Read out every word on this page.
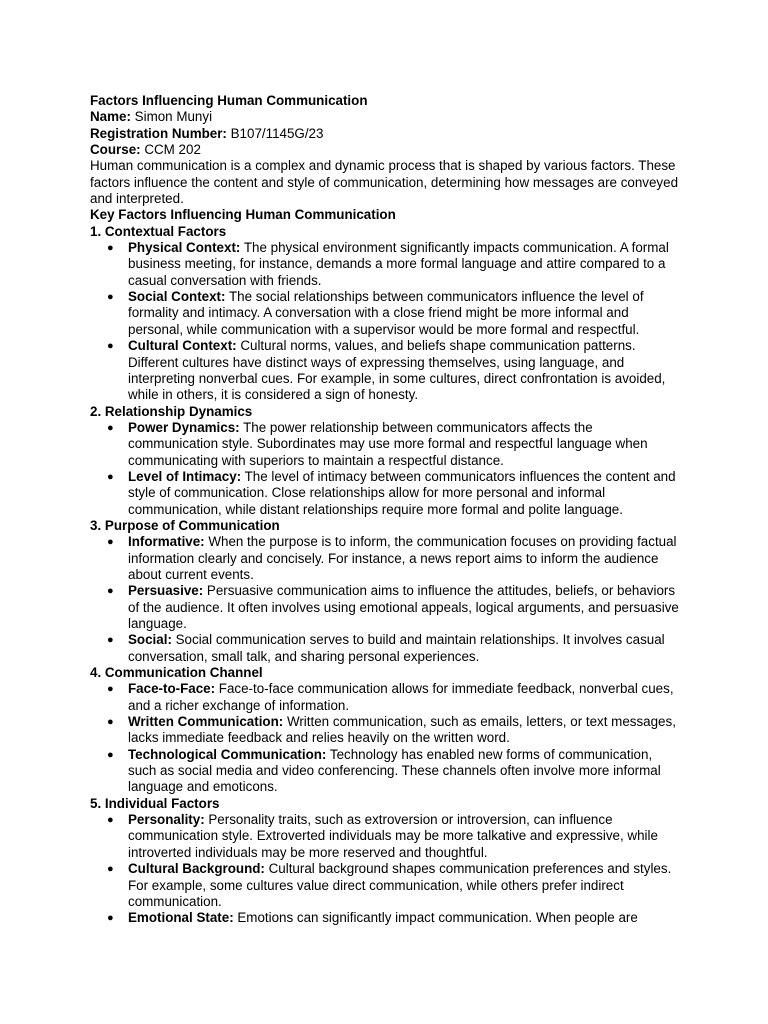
Factors Influencing Human Communication

Name: Simon Munyi

Registration Number: B107/1145G/23

Course: CCM 202

Human communication is a complex and dynamic process that is shaped by various factors. These factors influence the content and style of communication, determining how messages are conveyed and interpreted.

Key Factors Influencing Human Communication

1. Contextual Factors

● Physical Context: The physical environment significantly impacts communication. A formal business meeting, for instance, demands a more formal language and attire compared to a casual conversation with friends.
● Social Context: The social relationships between communicators influence the level of formality and intimacy. A conversation with a close friend might be more informal and personal, while communication with a supervisor would be more formal and respectful.
● Cultural Context: Cultural norms, values, and beliefs shape communication patterns. Different cultures have distinct ways of expressing themselves, using language, and interpreting nonverbal cues. For example, in some cultures, direct confrontation is avoided, while in others, it is considered a sign of honesty.

2. Relationship Dynamics

● Power Dynamics: The power relationship between communicators affects the communication style. Subordinates may use more formal and respectful language when communicating with superiors to maintain a respectful distance.
● Level of Intimacy: The level of intimacy between communicators influences the content and style of communication. Close relationships allow for more personal and informal communication, while distant relationships require more formal and polite language.

3. Purpose of Communication

● Informative: When the purpose is to inform, the communication focuses on providing factual information clearly and concisely. For instance, a news report aims to inform the audience about current events.
● Persuasive: Persuasive communication aims to influence the attitudes, beliefs, or behaviors of the audience. It often involves using emotional appeals, logical arguments, and persuasive language.
● Social: Social communication serves to build and maintain relationships. It involves casual conversation, small talk, and sharing personal experiences.

4. Communication Channel

● Face-to-Face: Face-to-face communication allows for immediate feedback, nonverbal cues, and a richer exchange of information.
● Written Communication: Written communication, such as emails, letters, or text messages, lacks immediate feedback and relies heavily on the written word.
● Technological Communication: Technology has enabled new forms of communication, such as social media and video conferencing. These channels often involve more informal language and emoticons.

5. Individual Factors

● Personality: Personality traits, such as extroversion or introversion, can influence communication style. Extroverted individuals may be more talkative and expressive, while introverted individuals may be more reserved and thoughtful.
● Cultural Background: Cultural background shapes communication preferences and styles. For example, some cultures value direct communication, while others prefer indirect communication.
● Emotional State: Emotions can significantly impact communication. When people are
